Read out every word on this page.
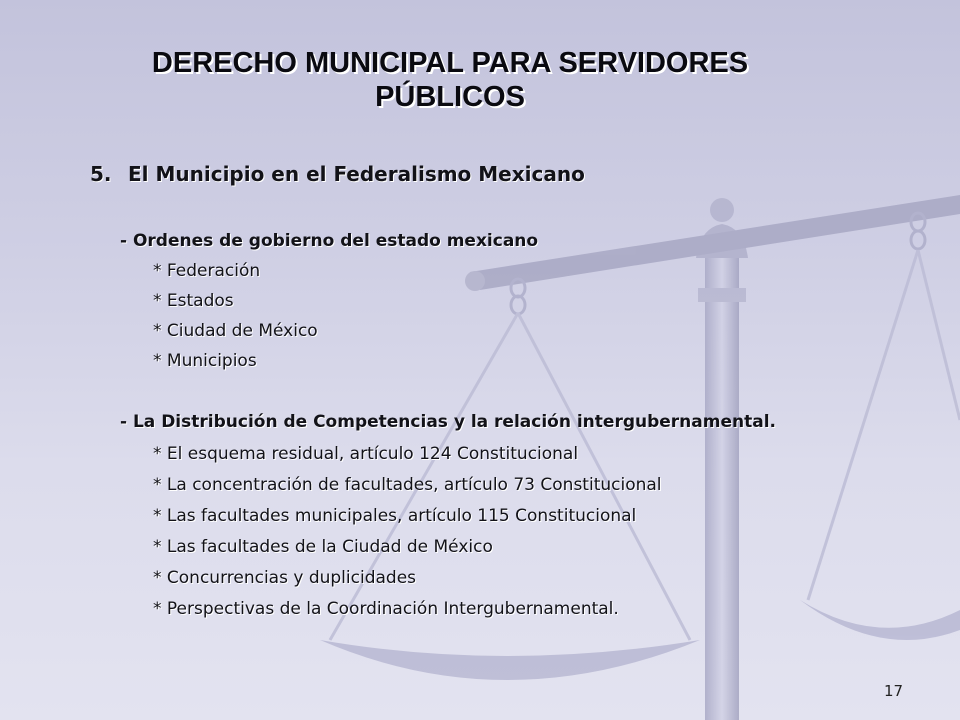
DERECHO MUNICIPAL PARA SERVIDORES PÚBLICOS
5. El Municipio en el Federalismo Mexicano
- Ordenes de gobierno del estado mexicano
* Federación
* Estados
* Ciudad de México
* Municipios
- La Distribución de Competencias y la relación intergubernamental.
* El esquema residual, artículo 124 Constitucional
* La concentración de facultades, artículo 73 Constitucional
* Las facultades municipales, artículo 115 Constitucional
* Las facultades de la Ciudad de México
* Concurrencias y duplicidades
* Perspectivas de la Coordinación Intergubernamental.
17
